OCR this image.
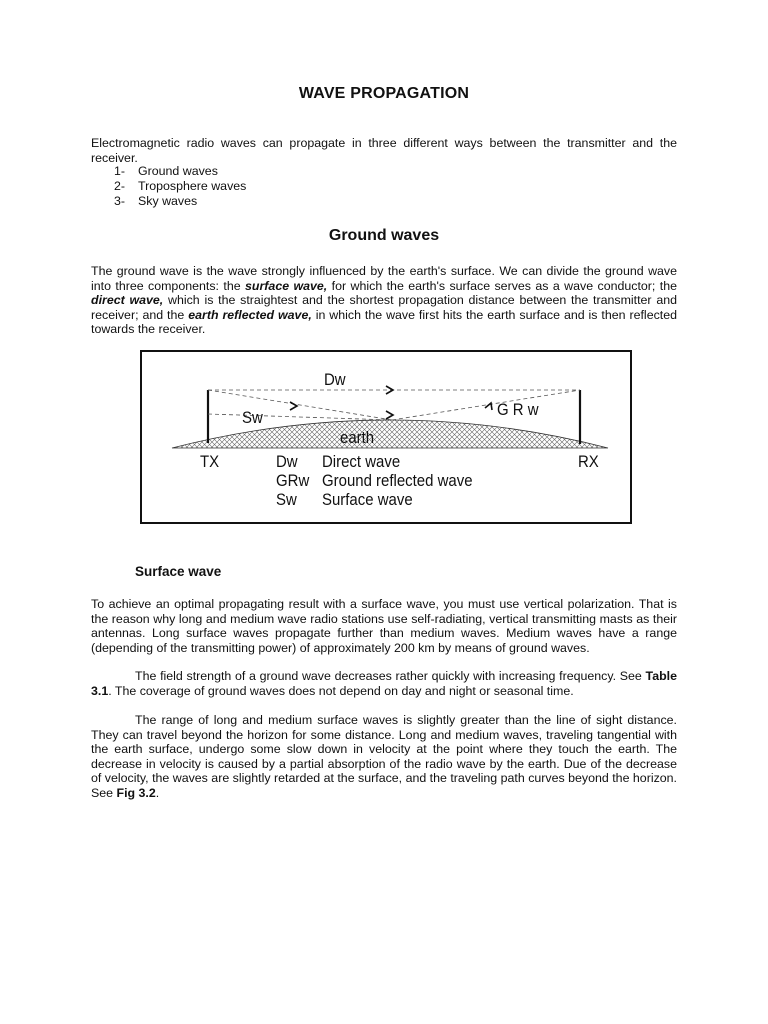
WAVE PROPAGATION

Electromagnetic radio waves can propagate in three different ways between the transmitter and the receiver.

1-	Ground waves
2-	Troposphere waves
3-	Sky waves
Ground waves

The ground wave is the wave strongly influenced by the earth's surface. We can divide the ground wave into three components: the surface wave, for which the earth's surface serves as a wave conductor; the direct wave, which is the straightest and the shortest propagation distance between the transmitter and receiver; and the earth reflected wave, in which the wave first hits the earth surface and is then reflected towards the receiver.

Dw
Sw	G R w
earth
TX	RX
Dw Direct wave
GRw Ground reflected wave
Sw Surface wave
Surface wave

To achieve an optimal propagating result with a surface wave, you must use vertical polarization. That is the reason why long and medium wave radio stations use self-radiating, vertical transmitting masts as their antennas. Long surface waves propagate further than medium waves. Medium waves have a range (depending of the transmitting power) of approximately 200 km by means of ground waves.

The field strength of a ground wave decreases rather quickly with increasing frequency. See Table 3.1. The coverage of ground waves does not depend on day and night or seasonal time.

The range of long and medium surface waves is slightly greater than the line of sight distance. They can travel beyond the horizon for some distance. Long and medium waves, traveling tangential with the earth surface, undergo some slow down in velocity at the point where they touch the earth. The decrease in velocity is caused by a partial absorption of the radio wave by the earth. Due of the decrease of velocity, the waves are slightly retarded at the surface, and the traveling path curves beyond the horizon. See Fig 3.2.
